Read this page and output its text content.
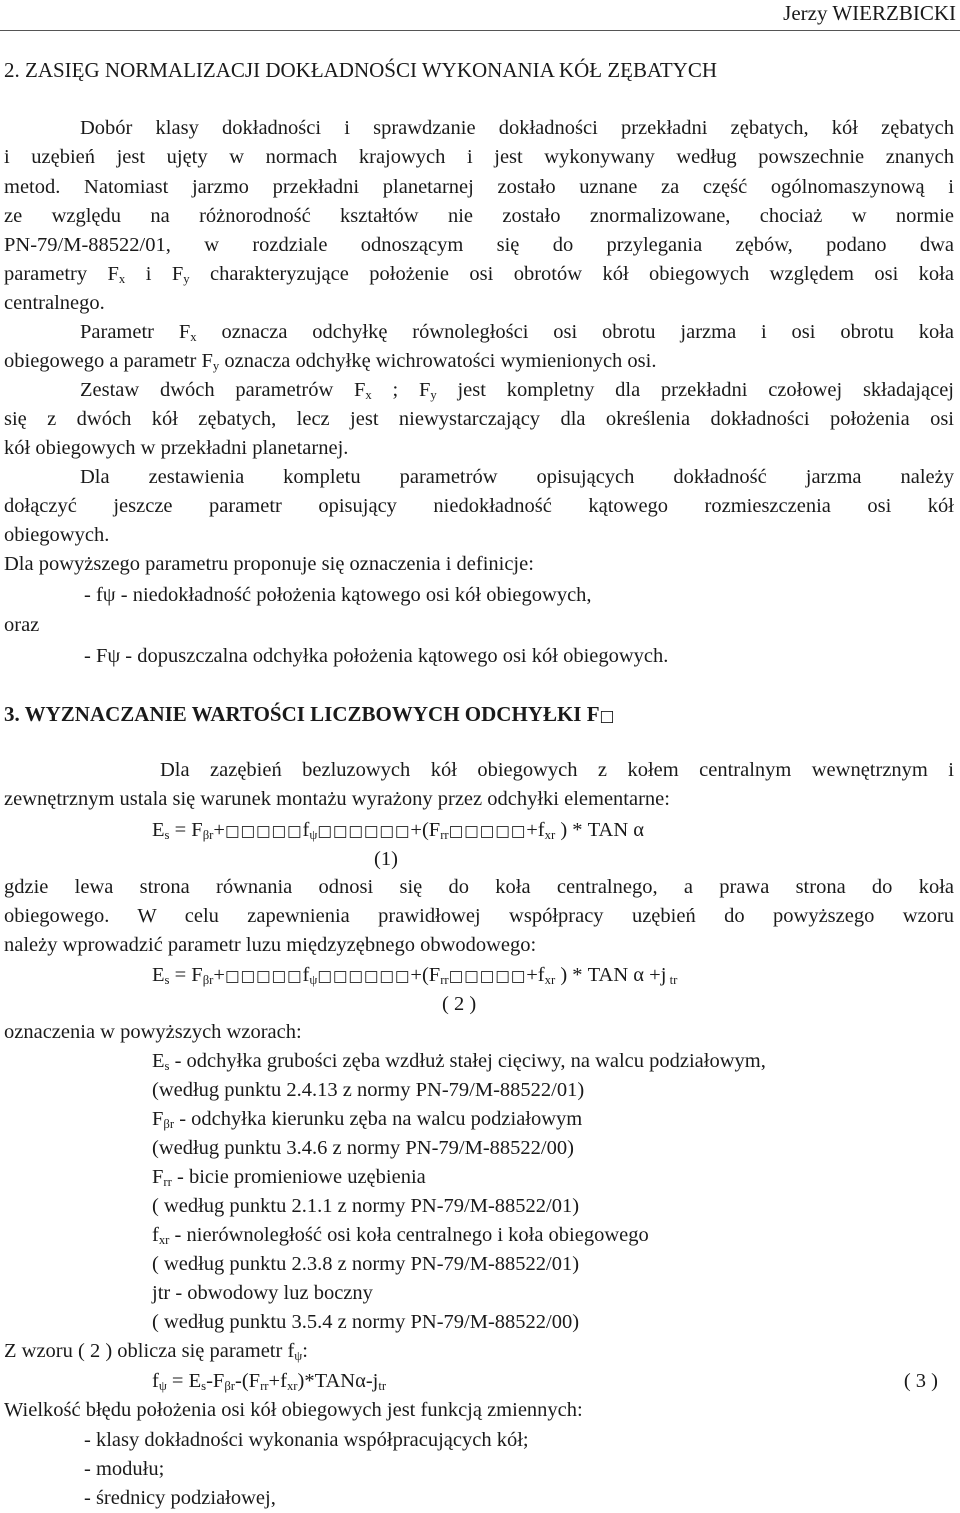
Jerzy WIERZBICKI
2. ZASIĘG NORMALIZACJI DOKŁADNOŚCI WYKONANIA KÓŁ ZĘBATYCH
Dobór klasy dokładności i sprawdzanie dokładności przekładni zębatych, kół zębatych
i uzębień jest ujęty w normach krajowych i jest wykonywany według powszechnie znanych
metod. Natomiast jarzmo przekładni planetarnej zostało uznane za część ogólnomaszynową i
ze względu na różnorodność kształtów nie zostało znormalizowane, chociaż w normie
PN-79/M-88522/01, w rozdziale odnoszącym się do przylegania zębów, podano dwa
parametry $F_x$ i $F_y$ charakteryzujące położenie osi obrotów kół obiegowych względem osi koła
centralnego.
Parametr $F_x$ oznacza odchyłkę równoległości osi obrotu jarzma i osi obrotu koła
obiegowego a parametr $F_y$ oznacza odchyłkę wichrowatości wymienionych osi.
Zestaw dwóch parametrów $F_x$ ; $F_y$ jest kompletny dla przekładni czołowej składającej
się z dwóch kół zębatych, lecz jest niewystarczający dla określenia dokładności położenia osi
kół obiegowych w przekładni planetarnej.
Dla zestawienia kompletu parametrów opisujących dokładność jarzma należy
dołączyć jeszcze parametr opisujący niedokładność kątowego rozmieszczenia osi kół
obiegowych.
Dla powyższego parametru proponuje się oznaczenia i definicje:
- fψ - niedokładność położenia kątowego osi kół obiegowych,
oraz
- Fψ - dopuszczalna odchyłka położenia kątowego osi kół obiegowych.
3. WYZNACZANIE WARTOŚCI LICZBOWYCH ODCHYŁKI F□
Dla zazębień bezluzowych kół obiegowych z kołem centralnym wewnętrznym i
zewnętrznym ustala się warunek montażu wyrażony przez odchyłki elementarne:
$E_s$ = $F_{\beta r}+□□□□□f_\psi□□□□□□+(F_{rr}□□□□□+f_{xr}$ ) * TAN α
(1)
gdzie lewa strona równania odnosi się do koła centralnego, a prawa strona do koła
obiegowego. W celu zapewnienia prawidłowej współpracy uzębień do powyższego wzoru
należy wprowadzić parametr luzu międzyzębnego obwodowego:
$E_s$ = $F_{\beta r}+□□□□□f_\psi□□□□□□+(F_{rr}□□□□□+f_{xr}$ ) * TAN α +j $_{tr}$
( 2 )
oznaczenia w powyższych wzorach:
$E_s$ - odchyłka grubości zęba wzdłuż stałej cięciwy, na walcu podziałowym,
(według punktu 2.4.13 z normy PN-79/M-88522/01)
$F_{\beta r}$ - odchyłka kierunku zęba na walcu podziałowym
(według punktu 3.4.6 z normy PN-79/M-88522/00)
$F_{rr}$ - bicie promieniowe uzębienia
( według punktu 2.1.1 z normy PN-79/M-88522/01)
$f_{xr}$ - nierównoległość osi koła centralnego i koła obiegowego
( według punktu 2.3.8 z normy PN-79/M-88522/01)
jtr - obwodowy luz boczny
( według punktu 3.5.4 z normy PN-79/M-88522/00)
Z wzoru ( 2 ) oblicza się parametr $f_\psi$:
$f_\psi = E_s-F_{\beta r}-(F_{rr}+f_{xr})*TAN\alpha-j_{tr}$	( 3 )
Wielkość błędu położenia osi kół obiegowych jest funkcją zmiennych:
- klasy dokładności wykonania współpracujących kół;
- modułu;
- średnicy podziałowej,
